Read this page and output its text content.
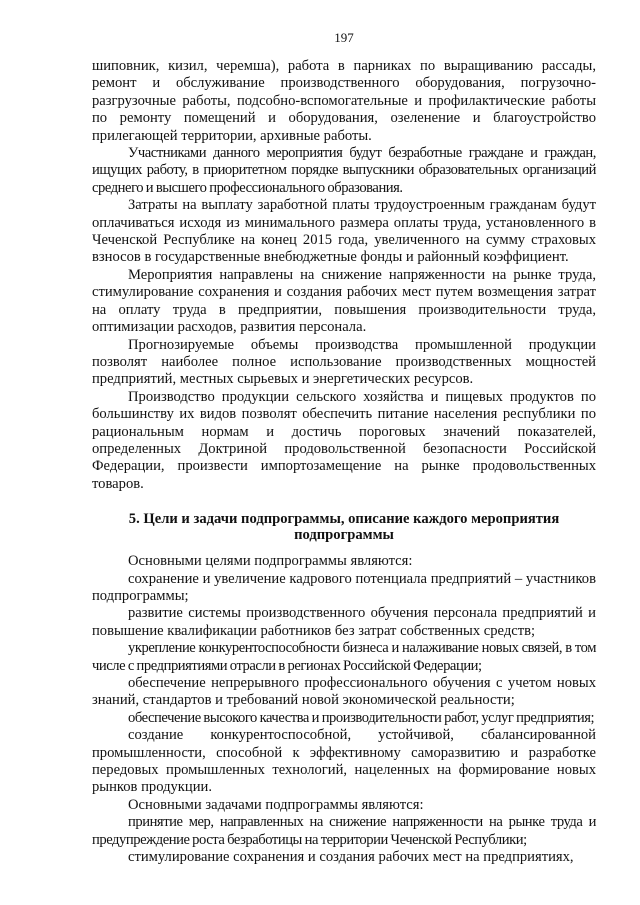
197

шиповник, кизил, черемша), работа в парниках по выращиванию рассады, ремонт и обслуживание производственного оборудования, погрузочно-разгрузочные работы, подсобно-вспомогательные и профилактические работы по ремонту помещений и оборудования, озеленение и благоустройство прилегающей территории, архивные работы.

Участниками данного мероприятия будут безработные граждане и граждан, ищущих работу, в приоритетном порядке выпускники образовательных организаций среднего и высшего профессионального образования.

Затраты на выплату заработной платы трудоустроенным гражданам будут оплачиваться исходя из минимального размера оплаты труда, установленного в Чеченской Республике на конец 2015 года, увеличенного на сумму страховых взносов в государственные внебюджетные фонды и районный коэффициент.

Мероприятия направлены на снижение напряженности на рынке труда, стимулирование сохранения и создания рабочих мест путем возмещения затрат на оплату труда в предприятии, повышения производительности труда, оптимизации расходов, развития персонала.

Прогнозируемые объемы производства промышленной продукции позволят наиболее полное использование производственных мощностей предприятий, местных сырьевых и энергетических ресурсов.

Производство продукции сельского хозяйства и пищевых продуктов по большинству их видов позволят обеспечить питание населения республики по рациональным нормам и достичь пороговых значений показателей, определенных Доктриной продовольственной безопасности Российской Федерации, произвести импортозамещение на рынке продовольственных товаров.

5. Цели и задачи подпрограммы, описание каждого мероприятия подпрограммы

Основными целями подпрограммы являются:

сохранение и увеличение кадрового потенциала предприятий – участников подпрограммы;

развитие системы производственного обучения персонала предприятий и повышение квалификации работников без затрат собственных средств;

укрепление конкурентоспособности бизнеса и налаживание новых связей, в том числе с предприятиями отрасли в регионах Российской Федерации;

обеспечение непрерывного профессионального обучения с учетом новых знаний, стандартов и требований новой экономической реальности;

обеспечение высокого качества и производительности работ, услуг предприятия;

создание конкурентоспособной, устойчивой, сбалансированной промышленности, способной к эффективному саморазвитию и разработке передовых промышленных технологий, нацеленных на формирование новых рынков продукции.

Основными задачами подпрограммы являются:

принятие мер, направленных на снижение напряженности на рынке труда и предупреждение роста безработицы на территории Чеченской Республики;

стимулирование сохранения и создания рабочих мест на предприятиях,
